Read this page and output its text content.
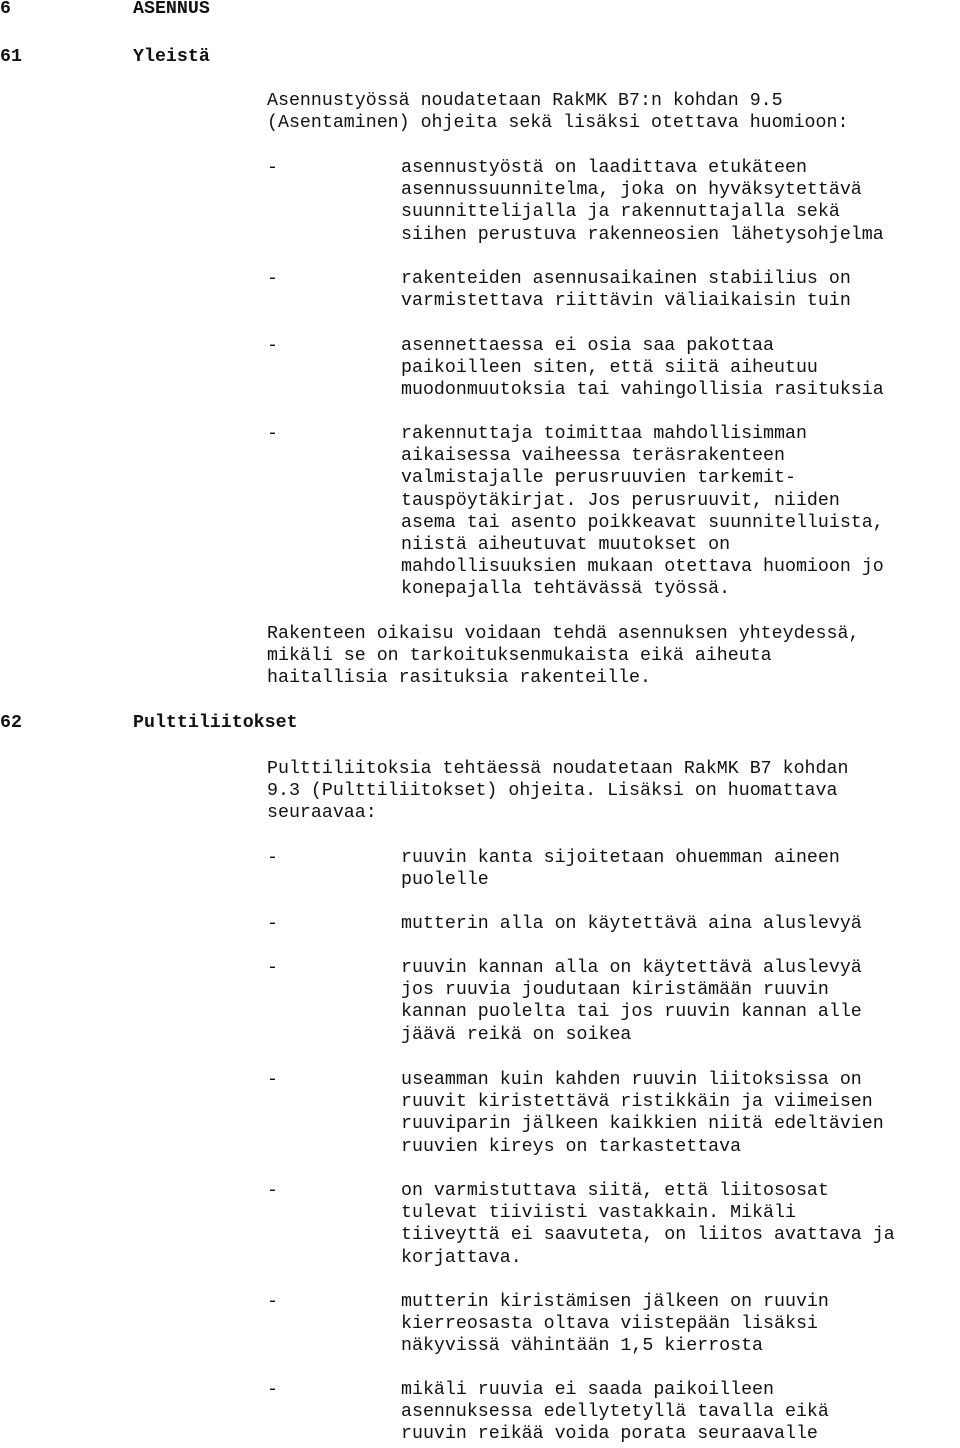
6	ASENNUS
61	Yleistä
Asennustyössä noudatetaan RakMK B7:n kohdan 9.5
(Asentaminen) ohjeita sekä lisäksi otettava huomioon:
-	asennustyöstä on laadittava etukäteen
asennussuunnitelma, joka on hyväksytettävä
suunnittelijalla ja rakennuttajalla sekä
siihen perustuva rakenneosien lähetysohjelma
-	rakenteiden asennusaikainen stabiilius on
varmistettava riittävin väliaikaisin tuin
-	asennettaessa ei osia saa pakottaa
paikoilleen siten, että siitä aiheutuu
muodonmuutoksia tai vahingollisia rasituksia
-	rakennuttaja toimittaa mahdollisimman
aikaisessa vaiheessa teräsrakenteen
valmistajalle perusruuvien tarkemit-
tauspöytäkirjat. Jos perusruuvit, niiden
asema tai asento poikkeavat suunnitelluista,
niistä aiheutuvat muutokset on
mahdollisuuksien mukaan otettava huomioon jo
konepajalla tehtävässä työssä.
Rakenteen oikaisu voidaan tehdä asennuksen yhteydessä,
mikäli se on tarkoituksenmukaista eikä aiheuta
haitallisia rasituksia rakenteille.
62	Pulttiliitokset
Pulttiliitoksia tehtäessä noudatetaan RakMK B7 kohdan
9.3 (Pulttiliitokset) ohjeita. Lisäksi on huomattava
seuraavaa:
-	ruuvin kanta sijoitetaan ohuemman aineen
puolelle
-	mutterin alla on käytettävä aina aluslevyä
-	ruuvin kannan alla on käytettävä aluslevyä
jos ruuvia joudutaan kiristämään ruuvin
kannan puolelta tai jos ruuvin kannan alle
jäävä reikä on soikea
-	useamman kuin kahden ruuvin liitoksissa on
ruuvit kiristettävä ristikkäin ja viimeisen
ruuviparin jälkeen kaikkien niitä edeltävien
ruuvien kireys on tarkastettava
-	on varmistuttava siitä, että liitososat
tulevat tiiviisti vastakkain. Mikäli
tiiveyttä ei saavuteta, on liitos avattava ja
korjattava.
-	mutterin kiristämisen jälkeen on ruuvin
kierreosasta oltava viistepään lisäksi
näkyvissä vähintään 1,5 kierrosta
-	mikäli ruuvia ei saada paikoilleen
asennuksessa edellytetyllä tavalla eikä
ruuvin reikää voida porata seuraavalle
